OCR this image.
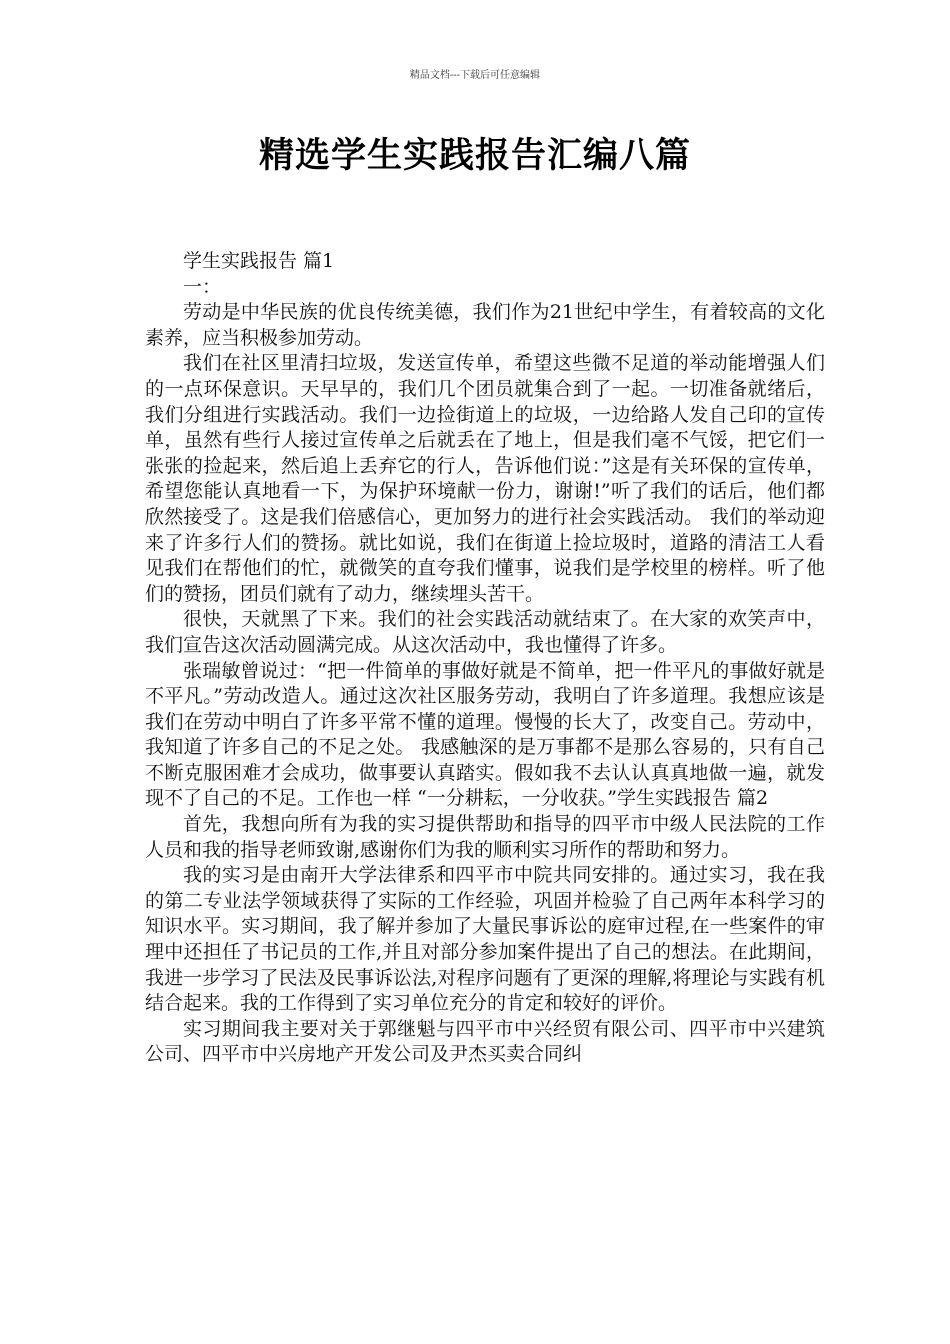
精品文档---下载后可任意编辑
精选学生实践报告汇编八篇

学生实践报告 篇1

一：

劳动是中华民族的优良传统美德，我们作为21世纪中学生，有着较高的文化素养，应当积极参加劳动。

我们在社区里清扫垃圾，发送宣传单，希望这些微不足道的举动能增强人们的一点环保意识。天早早的，我们几个团员就集合到了一起。一切准备就绪后，我们分组进行实践活动。我们一边捡街道上的垃圾，一边给路人发自己印的宣传单，虽然有些行人接过宣传单之后就丢在了地上，但是我们毫不气馁，把它们一张张的捡起来，然后追上丢弃它的行人，告诉他们说：”这是有关环保的宣传单，希望您能认真地看一下，为保护环境献一份力，谢谢!”听了我们的话后，他们都欣然接受了。这是我们倍感信心，更加努力的进行社会实践活动。 我们的举动迎来了许多行人们的赞扬。就比如说，我们在街道上捡垃圾时，道路的清洁工人看见我们在帮他们的忙，就微笑的直夸我们懂事，说我们是学校里的榜样。听了他们的赞扬，团员们就有了动力，继续埋头苦干。

很快，天就黑了下来。我们的社会实践活动就结束了。在大家的欢笑声中，我们宣告这次活动圆满完成。从这次活动中，我也懂得了许多。

张瑞敏曾说过：“把一件简单的事做好就是不简单，把一件平凡的事做好就是不平凡。”劳动改造人。通过这次社区服务劳动，我明白了许多道理。我想应该是我们在劳动中明白了许多平常不懂的道理。慢慢的长大了，改变自己。劳动中，我知道了许多自己的不足之处。 我感触深的是万事都不是那么容易的，只有自己不断克服困难才会成功，做事要认真踏实。假如我不去认认真真地做一遍，就发现不了自己的不足。工作也一样 “一分耕耘，一分收获。”学生实践报告 篇2

首先，我想向所有为我的实习提供帮助和指导的四平市中级人民法院的工作人员和我的指导老师致谢,感谢你们为我的顺利实习所作的帮助和努力。

我的实习是由南开大学法律系和四平市中院共同安排的。通过实习，我在我的第二专业法学领域获得了实际的工作经验，巩固并检验了自己两年本科学习的知识水平。实习期间，我了解并参加了大量民事诉讼的庭审过程,在一些案件的审理中还担任了书记员的工作,并且对部分参加案件提出了自己的想法。在此期间，我进一步学习了民法及民事诉讼法,对程序问题有了更深的理解,将理论与实践有机结合起来。我的工作得到了实习单位充分的肯定和较好的评价。

实习期间我主要对关于郭继魁与四平市中兴经贸有限公司、四平市中兴建筑公司、四平市中兴房地产开发公司及尹杰买卖合同纠
